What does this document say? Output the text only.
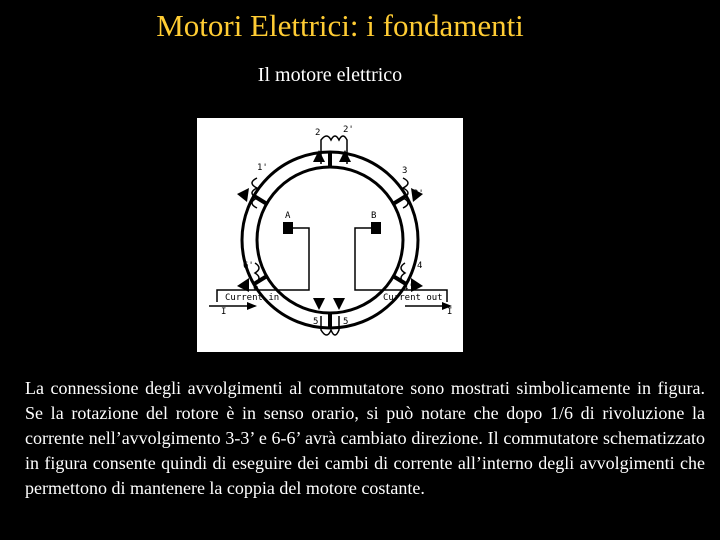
Motori Elettrici: i fondamenti
Il motore elettrico
2	2'
1'
1
3
3'
A	B
6'
6
4
4'
5' 5
Current in	Current out
I	I
La connessione degli avvolgimenti al commutatore sono mostrati simbolicamente in figura. Se la rotazione del rotore è in senso orario, si può notare che dopo 1/6 di rivoluzione la corrente nell’avvolgimento 3-3’ e 6-6’ avrà cambiato direzione. Il commutatore schematizzato in figura consente quindi di eseguire dei cambi di corrente all’interno degli avvolgimenti che permettono di mantenere la coppia del motore costante.
